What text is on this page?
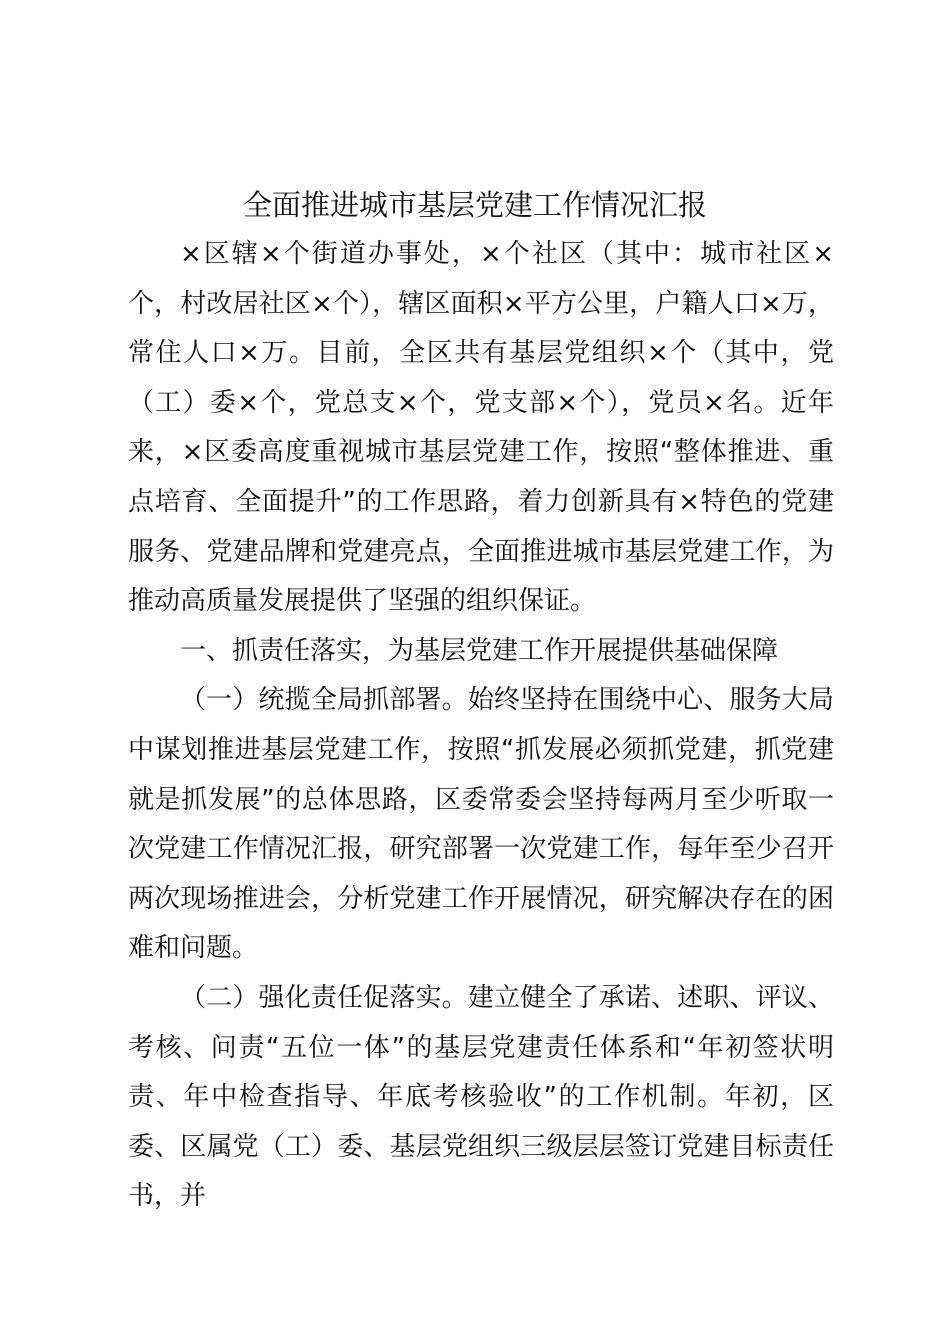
全面推进城市基层党建工作情况汇报

×区辖×个街道办事处，×个社区（其中：城市社区×个，村改居社区×个），辖区面积×平方公里，户籍人口×万，常住人口×万。目前，全区共有基层党组织×个（其中，党（工）委×个，党总支×个，党支部×个），党员×名。近年来，×区委高度重视城市基层党建工作，按照“整体推进、重点培育、全面提升”的工作思路，着力创新具有×特色的党建服务、党建品牌和党建亮点，全面推进城市基层党建工作，为推动高质量发展提供了坚强的组织保证。

一、抓责任落实，为基层党建工作开展提供基础保障

（一）统揽全局抓部署。始终坚持在围绕中心、服务大局中谋划推进基层党建工作，按照“抓发展必须抓党建，抓党建就是抓发展”的总体思路，区委常委会坚持每两月至少听取一次党建工作情况汇报，研究部署一次党建工作，每年至少召开两次现场推进会，分析党建工作开展情况，研究解决存在的困难和问题。

（二）强化责任促落实。建立健全了承诺、述职、评议、考核、问责“五位一体”的基层党建责任体系和“年初签状明责、年中检查指导、年底考核验收”的工作机制。年初，区委、区属党（工）委、基层党组织三级层层签订党建目标责任书，并
